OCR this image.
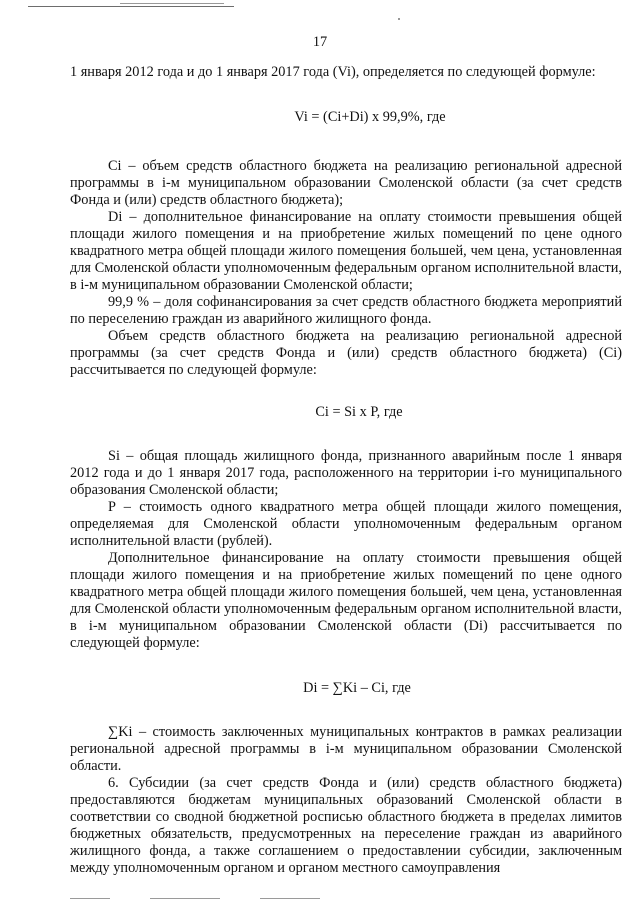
17

1 января 2012 года и до 1 января 2017 года (Vi), определяется по следующей формуле:

Vi = (Ci+Di) x 99,9%, где

Ci – объем средств областного бюджета на реализацию региональной адресной программы в i-м муниципальном образовании Смоленской области (за счет средств Фонда и (или) средств областного бюджета);

Di – дополнительное финансирование на оплату стоимости превышения общей площади жилого помещения и на приобретение жилых помещений по цене одного квадратного метра общей площади жилого помещения большей, чем цена, установленная для Смоленской области уполномоченным федеральным органом исполнительной власти, в i-м муниципальном образовании Смоленской области;

99,9 % – доля софинансирования за счет средств областного бюджета мероприятий по переселению граждан из аварийного жилищного фонда.

Объем средств областного бюджета на реализацию региональной адресной программы (за счет средств Фонда и (или) средств областного бюджета) (Ci) рассчитывается по следующей формуле:

Ci = Si x P, где

Si – общая площадь жилищного фонда, признанного аварийным после 1 января 2012 года и до 1 января 2017 года, расположенного на территории i-го муниципального образования Смоленской области;

P – стоимость одного квадратного метра общей площади жилого помещения, определяемая для Смоленской области уполномоченным федеральным органом исполнительной власти (рублей).

Дополнительное финансирование на оплату стоимости превышения общей площади жилого помещения и на приобретение жилых помещений по цене одного квадратного метра общей площади жилого помещения большей, чем цена, установленная для Смоленской области уполномоченным федеральным органом исполнительной власти, в i-м муниципальном образовании Смоленской области (Di) рассчитывается по следующей формуле:

Di = ∑Ki – Ci, где

∑Ki – стоимость заключенных муниципальных контрактов в рамках реализации региональной адресной программы в i-м муниципальном образовании Смоленской области.

6. Субсидии (за счет средств Фонда и (или) средств областного бюджета) предоставляются бюджетам муниципальных образований Смоленской области в соответствии со сводной бюджетной росписью областного бюджета в пределах лимитов бюджетных обязательств, предусмотренных на переселение граждан из аварийного жилищного фонда, а также соглашением о предоставлении субсидии, заключенным между уполномоченным органом и органом местного самоуправления
